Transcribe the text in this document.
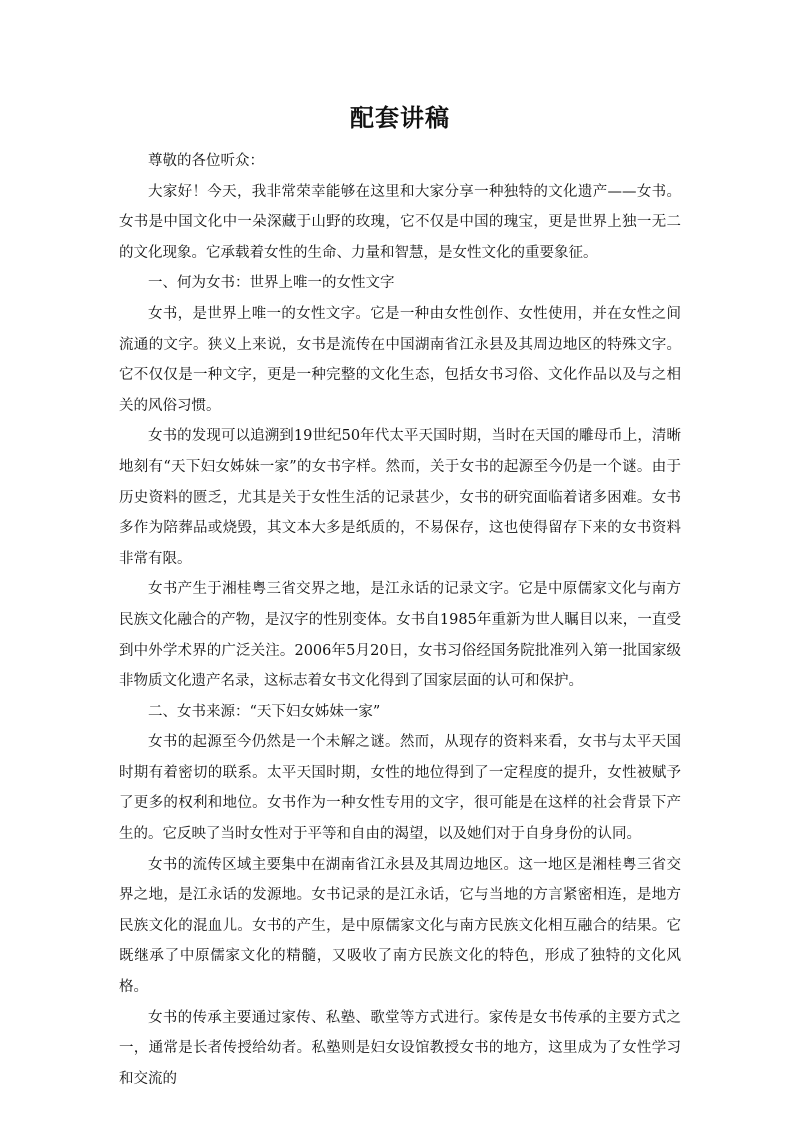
配套讲稿

尊敬的各位听众：

大家好！今天，我非常荣幸能够在这里和大家分享一种独特的文化遗产——女书。女书是中国文化中一朵深藏于山野的玫瑰，它不仅是中国的瑰宝，更是世界上独一无二的文化现象。它承载着女性的生命、力量和智慧，是女性文化的重要象征。

一、何为女书：世界上唯一的女性文字

女书，是世界上唯一的女性文字。它是一种由女性创作、女性使用，并在女性之间流通的文字。狭义上来说，女书是流传在中国湖南省江永县及其周边地区的特殊文字。它不仅仅是一种文字，更是一种完整的文化生态，包括女书习俗、文化作品以及与之相关的风俗习惯。

女书的发现可以追溯到19世纪50年代太平天国时期，当时在天国的雕母币上，清晰地刻有“天下妇女姊妹一家”的女书字样。然而，关于女书的起源至今仍是一个谜。由于历史资料的匮乏，尤其是关于女性生活的记录甚少，女书的研究面临着诸多困难。女书多作为陪葬品或烧毁，其文本大多是纸质的，不易保存，这也使得留存下来的女书资料非常有限。

女书产生于湘桂粤三省交界之地，是江永话的记录文字。它是中原儒家文化与南方民族文化融合的产物，是汉字的性别变体。女书自1985年重新为世人瞩目以来，一直受到中外学术界的广泛关注。2006年5月20日，女书习俗经国务院批准列入第一批国家级非物质文化遗产名录，这标志着女书文化得到了国家层面的认可和保护。

二、女书来源：“天下妇女姊妹一家”

女书的起源至今仍然是一个未解之谜。然而，从现存的资料来看，女书与太平天国时期有着密切的联系。太平天国时期，女性的地位得到了一定程度的提升，女性被赋予了更多的权利和地位。女书作为一种女性专用的文字，很可能是在这样的社会背景下产生的。它反映了当时女性对于平等和自由的渴望，以及她们对于自身身份的认同。

女书的流传区域主要集中在湖南省江永县及其周边地区。这一地区是湘桂粤三省交界之地，是江永话的发源地。女书记录的是江永话，它与当地的方言紧密相连，是地方民族文化的混血儿。女书的产生，是中原儒家文化与南方民族文化相互融合的结果。它既继承了中原儒家文化的精髓，又吸收了南方民族文化的特色，形成了独特的文化风格。

女书的传承主要通过家传、私塾、歌堂等方式进行。家传是女书传承的主要方式之一，通常是长者传授给幼者。私塾则是妇女设馆教授女书的地方，这里成为了女性学习和交流的
